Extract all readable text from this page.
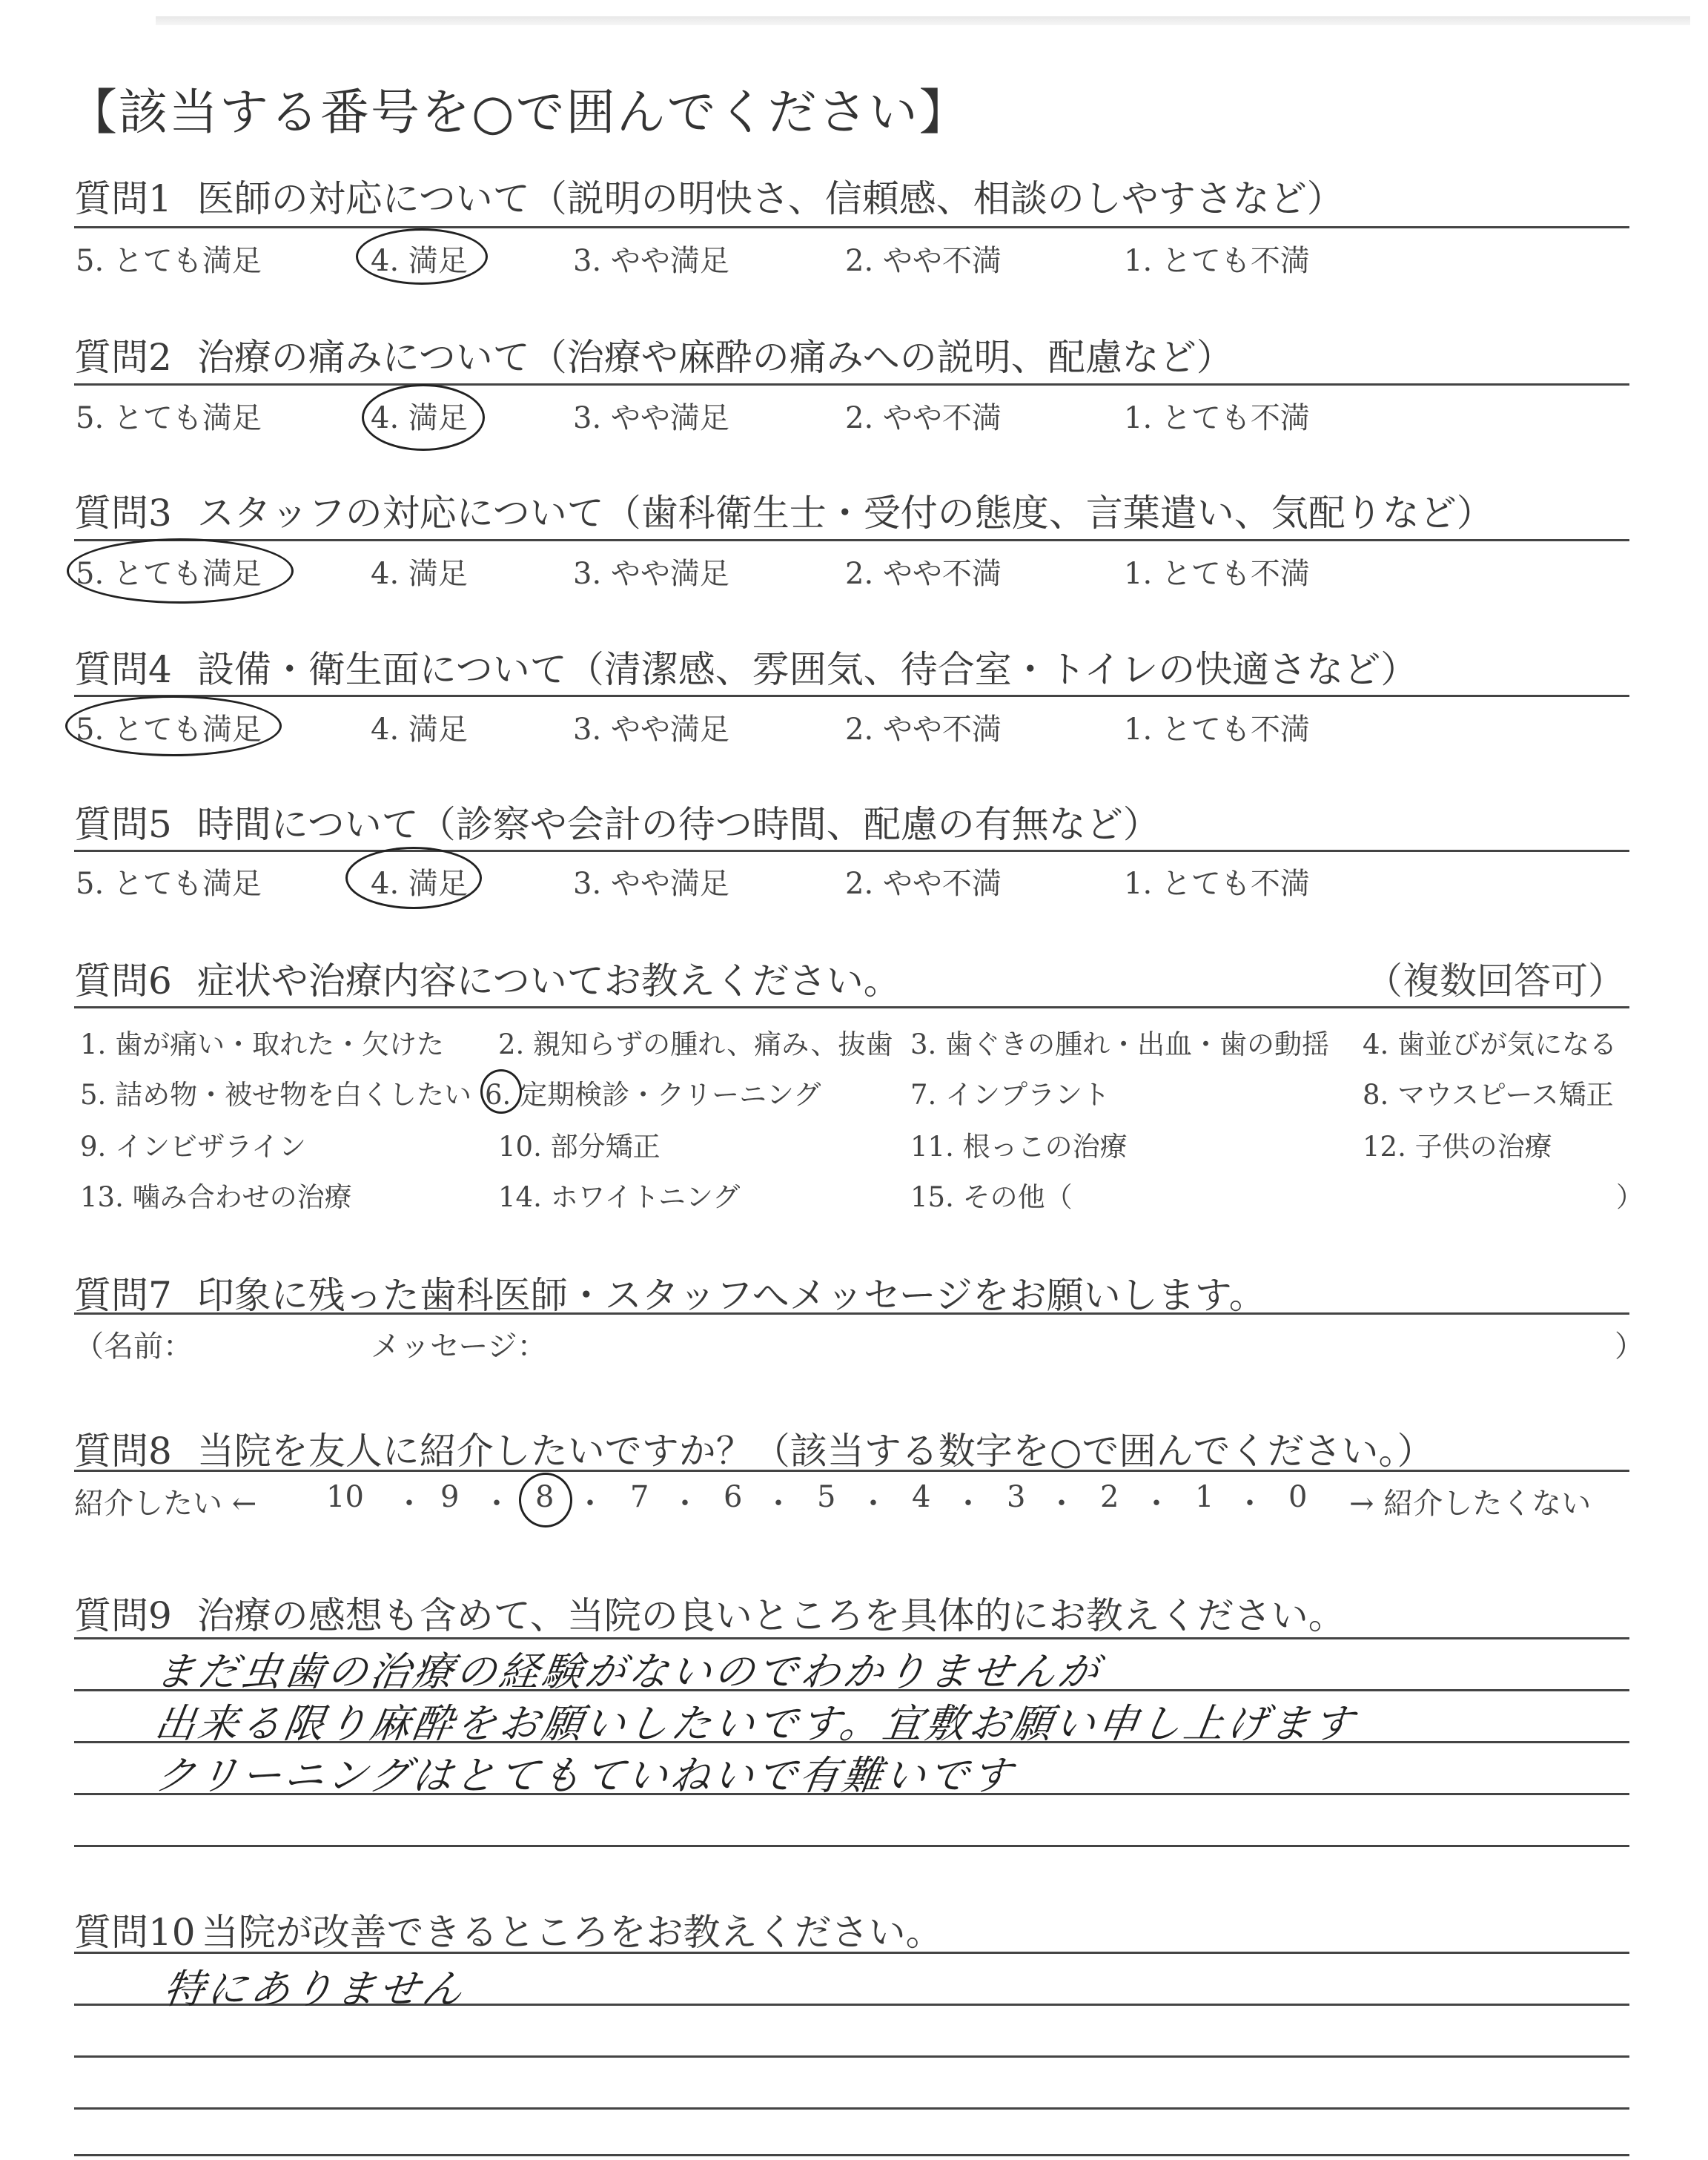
【該当する番号を○で囲んでください】
質問1 医師の対応について（説明の明快さ、信頼感、相談のしやすさなど）
5. とても満足	4. 満足	3. やや満足	2. やや不満	1. とても不満
質問2 治療の痛みについて（治療や麻酔の痛みへの説明、配慮など）
5. とても満足	4. 満足	3. やや満足	2. やや不満	1. とても不満
質問3 スタッフの対応について（歯科衛生士・受付の態度、言葉遣い、気配りなど）
5. とても満足	4. 満足	3. やや満足	2. やや不満	1. とても不満
質問4 設備・衛生面について（清潔感、雰囲気、待合室・トイレの快適さなど）
5. とても満足	4. 満足	3. やや満足	2. やや不満	1. とても不満
質問5 時間について（診察や会計の待つ時間、配慮の有無など）
5. とても満足	4. 満足	3. やや満足	2. やや不満	1. とても不満
質問6 症状や治療内容についてお教えください。	（複数回答可）
1. 歯が痛い・取れた・欠けた 2. 親知らずの腫れ、痛み、抜歯 3. 歯ぐきの腫れ・出血・歯の動揺 4. 歯並びが気になる
5. 詰め物・被せ物を白くしたい 6. 定期検診・クリーニング	7. インプラント	8. マウスピース矯正
9. インビザライン	10. 部分矯正	11. 根っこの治療	12. 子供の治療
13. 噛み合わせの治療	14. ホワイトニング	15. その他（	）
質問7 印象に残った歯科医師・スタッフへメッセージをお願いします。
（名前：	メッセージ：	）
質問8 当院を友人に紹介したいですか？（該当する数字を○で囲んでください。）
紹介したい ← 10 ・ 9 ・ 8 ・ 7 ・ 6 ・ 5 ・ 4 ・ 3 ・ 2 ・ 1 ・ 0 → 紹介したくない
質問9 治療の感想も含めて、当院の良いところを具体的にお教えください。
まだ虫歯の治療の経験がないのでわかりませんが
出来る限り麻酔をお願いしたいです。宜敷お願い申し上げます
クリーニングはとてもていねいで有難いです
質問10 当院が改善できるところをお教えください。
特にありません
